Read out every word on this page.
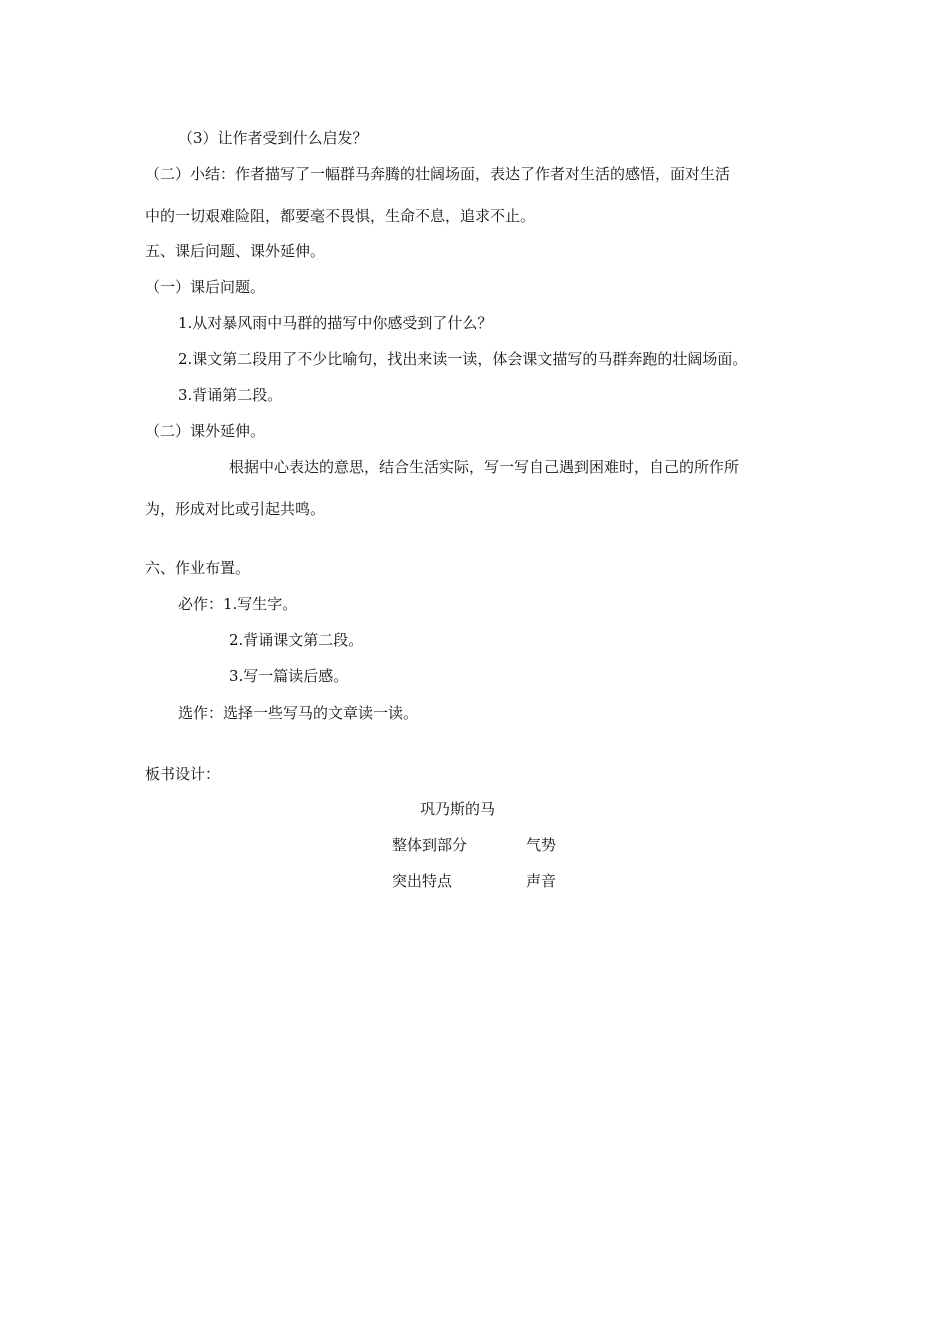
（3）让作者受到什么启发？
（二）小结：作者描写了一幅群马奔腾的壮阔场面，表达了作者对生活的感悟，面对生活
中的一切艰难险阻，都要毫不畏惧，生命不息，追求不止。
五、课后问题、课外延伸。
（一）课后问题。
1.从对暴风雨中马群的描写中你感受到了什么？
2.课文第二段用了不少比喻句，找出来读一读，体会课文描写的马群奔跑的壮阔场面。
3.背诵第二段。
（二）课外延伸。
根据中心表达的意思，结合生活实际，写一写自己遇到困难时，自己的所作所
为，形成对比或引起共鸣。
六、作业布置。
必作：1.写生字。
2.背诵课文第二段。
3.写一篇读后感。
选作：选择一些写马的文章读一读。
板书设计：
巩乃斯的马
整体到部分	气势
突出特点	声音
